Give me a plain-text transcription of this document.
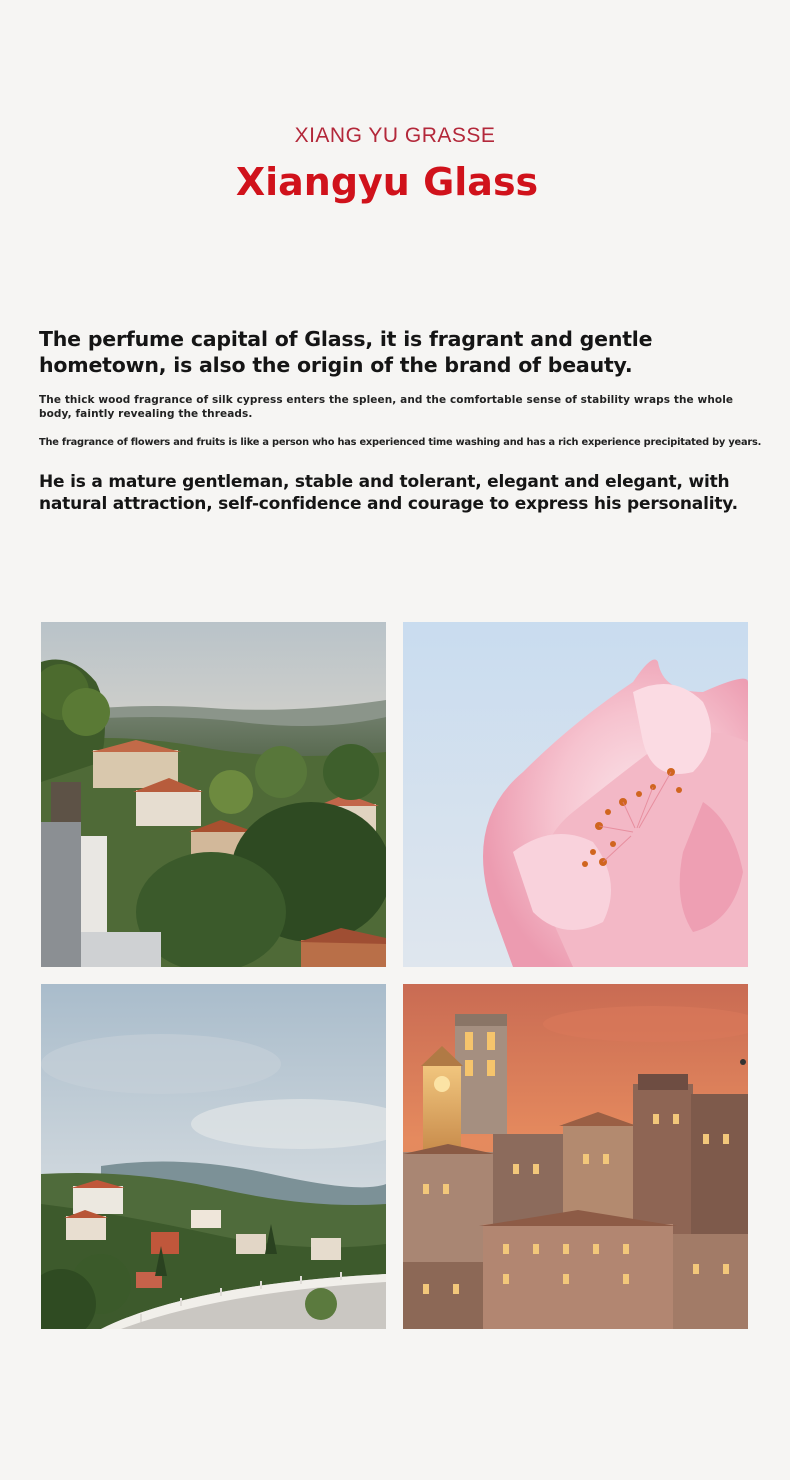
XIANG YU GRASSE
Xiangyu Glass
The perfume capital of Glass, it is fragrant and gentle hometown, is also the origin of the brand of beauty.
The thick wood fragrance of silk cypress enters the spleen, and the comfortable sense of stability wraps the whole body, faintly revealing the threads.
The fragrance of flowers and fruits is like a person who has experienced time washing and has a rich experience precipitated by years.
He is a mature gentleman, stable and tolerant, elegant and elegant, with natural attraction, self-confidence and courage to express his personality.
